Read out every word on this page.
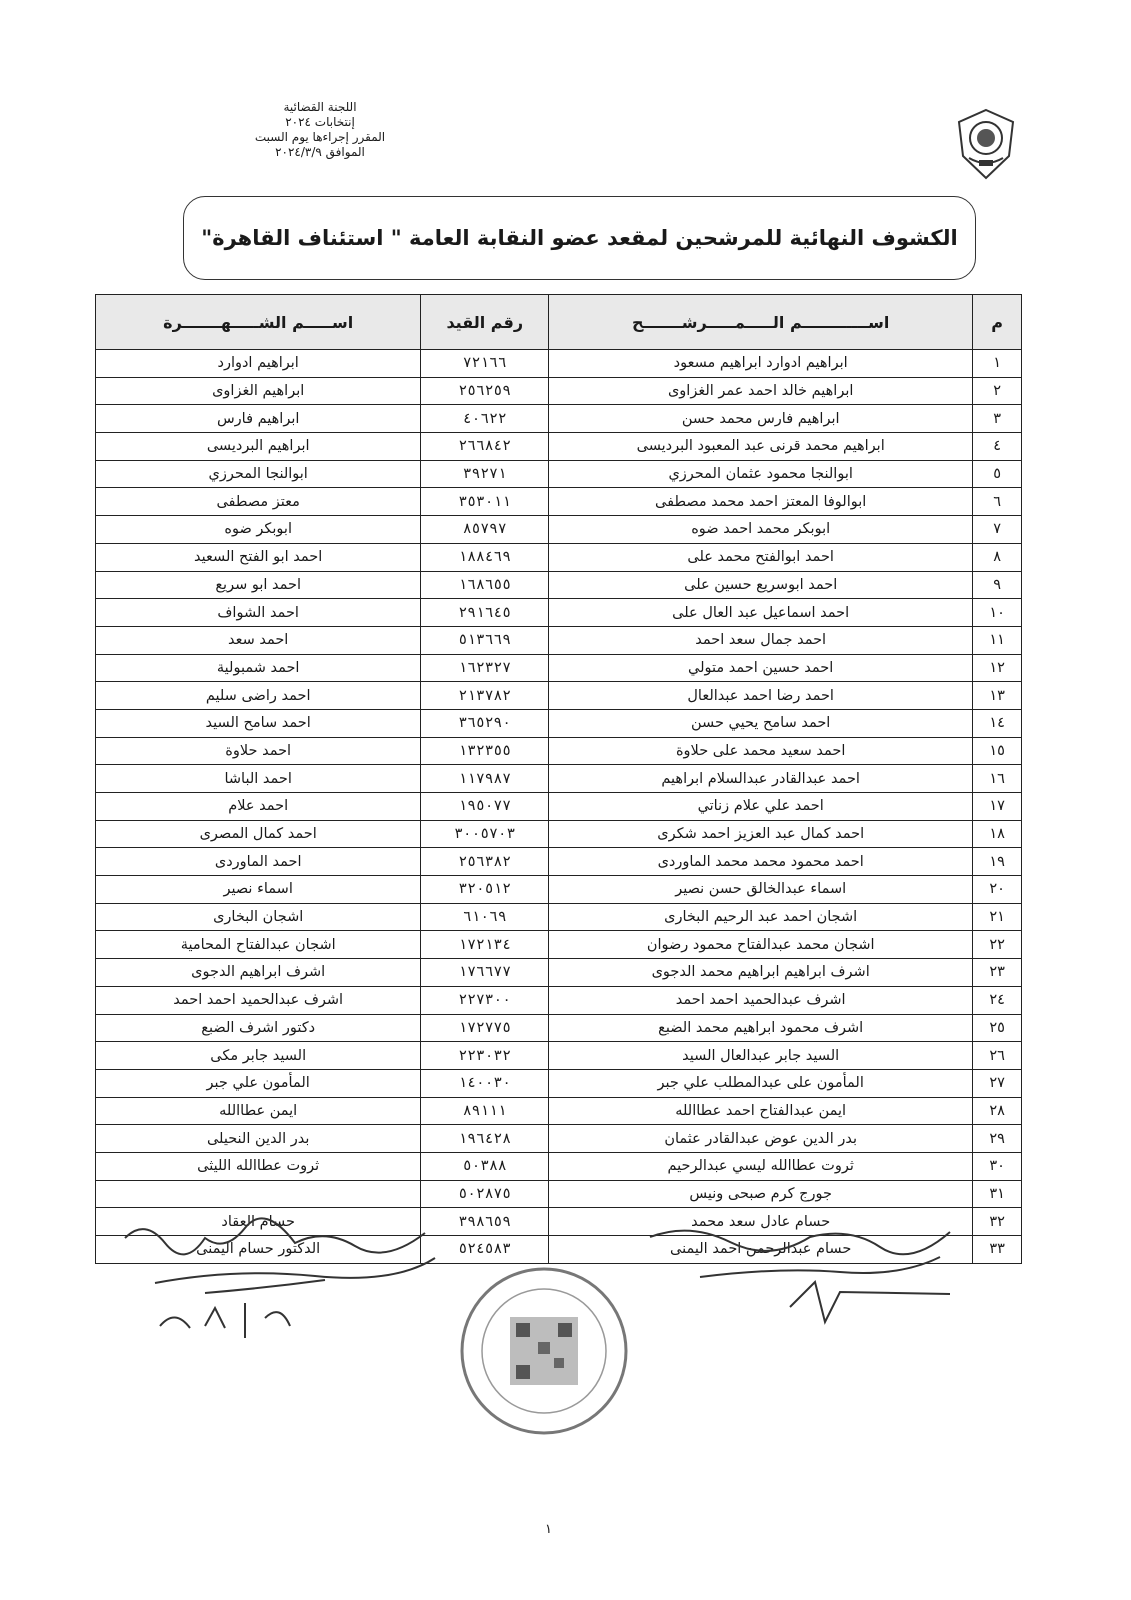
اللجنة القضائية
إنتخابات ٢٠٢٤
المقرر إجراءها يوم السبت
الموافق ٢٠٢٤/٣/٩
الكشوف النهائية للمرشحين لمقعد عضو النقابة العامة " استئناف القاهرة"
م	اســــــــــــم الـــــمـــــرشـــــــح	رقم القيد	اســـــم الشـــــهـــــــرة
١	ابراهيم ادوارد ابراهيم مسعود	٧٢١٦٦	ابراهيم ادوارد
٢	ابراهيم خالد احمد عمر الغزاوى	٢٥٦٢٥٩	ابراهيم الغزاوى
٣	ابراهيم فارس محمد حسن	٤٠٦٢٢	ابراهيم فارس
٤	ابراهيم محمد قرنى عبد المعبود البرديسى	٢٦٦٨٤٢	ابراهيم البرديسى
٥	ابوالنجا محمود عثمان المحرزي	٣٩٢٧١	ابوالنجا المحرزي
٦	ابوالوفا المعتز احمد محمد مصطفى	٣٥٣٠١١	معتز مصطفى
٧	ابوبكر محمد احمد ضوه	٨٥٧٩٧	ابوبكر ضوه
٨	احمد ابوالفتح محمد على	١٨٨٤٦٩	احمد ابو الفتح السعيد
٩	احمد ابوسريع حسين على	١٦٨٦٥٥	احمد ابو سريع
١٠	احمد اسماعيل عبد العال على	٢٩١٦٤٥	احمد الشواف
١١	احمد جمال سعد احمد	٥١٣٦٦٩	احمد سعد
١٢	احمد حسين احمد متولي	١٦٢٣٢٧	احمد شمبولية
١٣	احمد رضا احمد عبدالعال	٢١٣٧٨٢	احمد راضى سليم
١٤	احمد سامح يحيي حسن	٣٦٥٢٩٠	احمد سامح السيد
١٥	احمد سعيد محمد على حلاوة	١٣٢٣٥٥	احمد حلاوة
١٦	احمد عبدالقادر عبدالسلام ابراهيم	١١٧٩٨٧	احمد الباشا
١٧	احمد علي علام زناتي	١٩٥٠٧٧	احمد علام
١٨	احمد كمال عبد العزيز احمد شكرى	٣٠٠٥٧٠٣	احمد كمال المصرى
١٩	احمد محمود محمد محمد الماوردى	٢٥٦٣٨٢	احمد الماوردى
٢٠	اسماء عبدالخالق حسن نصير	٣٢٠٥١٢	اسماء نصير
٢١	اشجان احمد عبد الرحيم البخارى	٦١٠٦٩	اشجان البخارى
٢٢	اشجان محمد عبدالفتاح محمود رضوان	١٧٢١٣٤	اشجان عبدالفتاح المحامية
٢٣	اشرف ابراهيم ابراهيم محمد الدجوى	١٧٦٦٧٧	اشرف ابراهيم الدجوى
٢٤	اشرف عبدالحميد احمد احمد	٢٢٧٣٠٠	اشرف عبدالحميد احمد احمد
٢٥	اشرف محمود ابراهيم محمد الضبع	١٧٢٧٧٥	دكتور اشرف الضبع
٢٦	السيد جابر عبدالعال السيد	٢٢٣٠٣٢	السيد جابر مكى
٢٧	المأمون على عبدالمطلب علي جبر	١٤٠٠٣٠	المأمون علي جبر
٢٨	ايمن عبدالفتاح احمد عطاالله	٨٩١١١	ايمن عطاالله
٢٩	بدر الدين عوض عبدالقادر عثمان	١٩٦٤٢٨	بدر الدين النحيلى
٣٠	ثروت عطاالله ليسي عبدالرحيم	٥٠٣٨٨	ثروت عطاالله الليثى
٣١	جورج كرم صبحى ونيس	٥٠٢٨٧٥	
٣٢	حسام عادل سعد محمد	٣٩٨٦٥٩	حسام العقاد
٣٣	حسام عبدالرحمن احمد اليمنى	٥٢٤٥٨٣	الدكتور حسام اليمنى
١
